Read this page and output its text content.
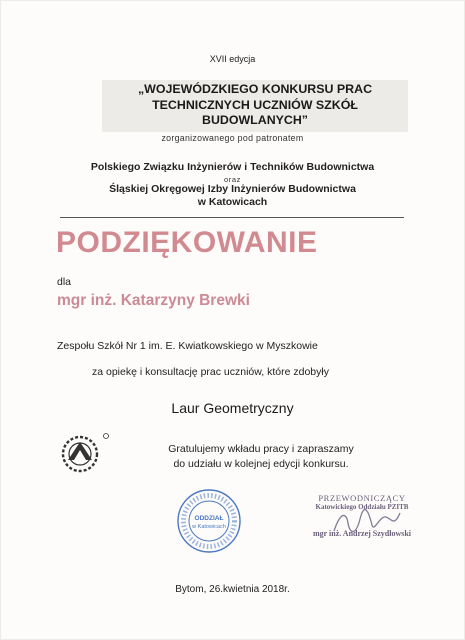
XVII edycja
„WOJEWÓDZKIEGO KONKURSU PRAC
TECHNICZNYCH UCZNIÓW SZKÓŁ
BUDOWLANYCH”
zorganizowanego pod patronatem
Polskiego Związku Inżynierów i Techników Budownictwa
oraz
Śląskiej Okręgowej Izby Inżynierów Budownictwa
w Katowicach
PODZIĘKOWANIE
dla
mgr inż. Katarzyny Brewki
Zespołu Szkół Nr 1 im. E. Kwiatkowskiego w Myszkowie
za opiekę i konsultację prac uczniów, które zdobyły
Laur Geometryczny
Gratulujemy wkładu pracy i zapraszamy
do udziału w kolejnej edycji konkursu.
ODDZIAŁ
w Katowicach
PRZEWODNICZĄCY
Katowickiego Oddziału PZITB
mgr inż. Andrzej Szydłowski
Bytom, 26.kwietnia 2018r.
